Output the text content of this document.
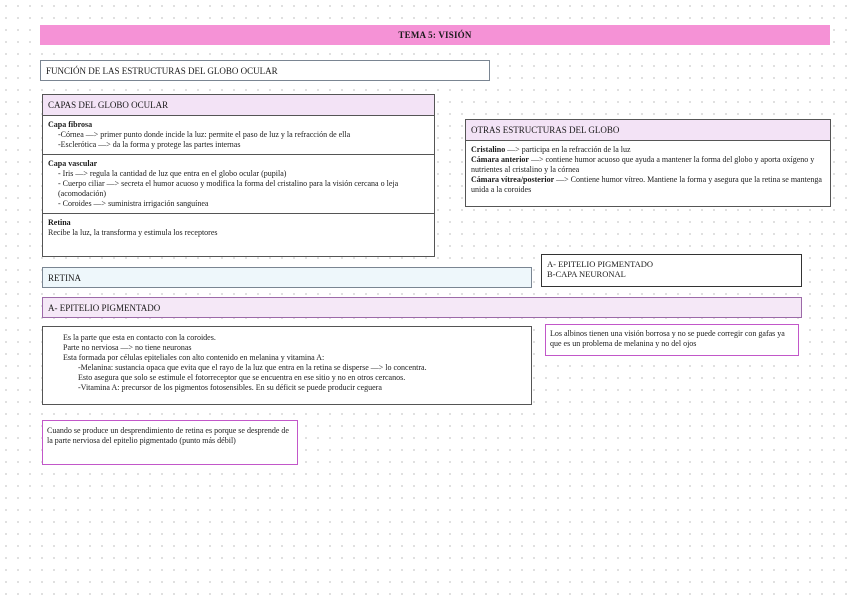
TEMA 5: VISIÓN
FUNCIÓN DE LAS ESTRUCTURAS DEL GLOBO OCULAR
CAPAS DEL GLOBO OCULAR
Capa fibrosa
-Córnea —> primer punto donde incide la luz: permite el paso de luz y la refracción de ella
-Esclerótica —> da la forma y protege las partes internas
Capa vascular
- Iris —> regula la cantidad de luz que entra en el globo ocular (pupila)
- Cuerpo ciliar —> secreta el humor acuoso y modifica la forma del cristalino para la visión cercana o leja (acomodación)
- Coroides —> suministra irrigación sanguínea
Retina
Recibe la luz, la transforma y estimula los receptores
OTRAS ESTRUCTURAS DEL GLOBO
Cristalino —> participa en la refracción de la luz
Cámara anterior —> contiene humor acuoso que ayuda a mantener la forma del globo y aporta oxígeno y nutrientes al cristalino y la córnea
Cámara vítrea/posterior —> Contiene humor vítreo. Mantiene la forma y asegura que la retina se mantenga unida a la coroides
RETINA
A- EPITELIO PIGMENTADO
B-CAPA NEURONAL
A- EPITELIO PIGMENTADO
Es la parte que esta en contacto con la coroides.
Parte no nerviosa —> no tiene neuronas
Esta formada por células epiteliales con alto contenido en melanina y vitamina A:
-Melanina: sustancia opaca que evita que el rayo de la luz que entra en la retina se disperse —> lo concentra.
Esto asegura que solo se estimule el fotorreceptor que se encuentra en ese sitio y no en otros cercanos.
-Vitamina A: precursor de los pigmentos fotosensibles. En su déficit se puede producir ceguera
Los albinos tienen una visión borrosa y no se puede corregir con gafas ya que es un problema de melanina y no del ojos
Cuando se produce un desprendimiento de retina es porque se desprende de la parte nerviosa del epitelio pigmentado (punto más débil)
